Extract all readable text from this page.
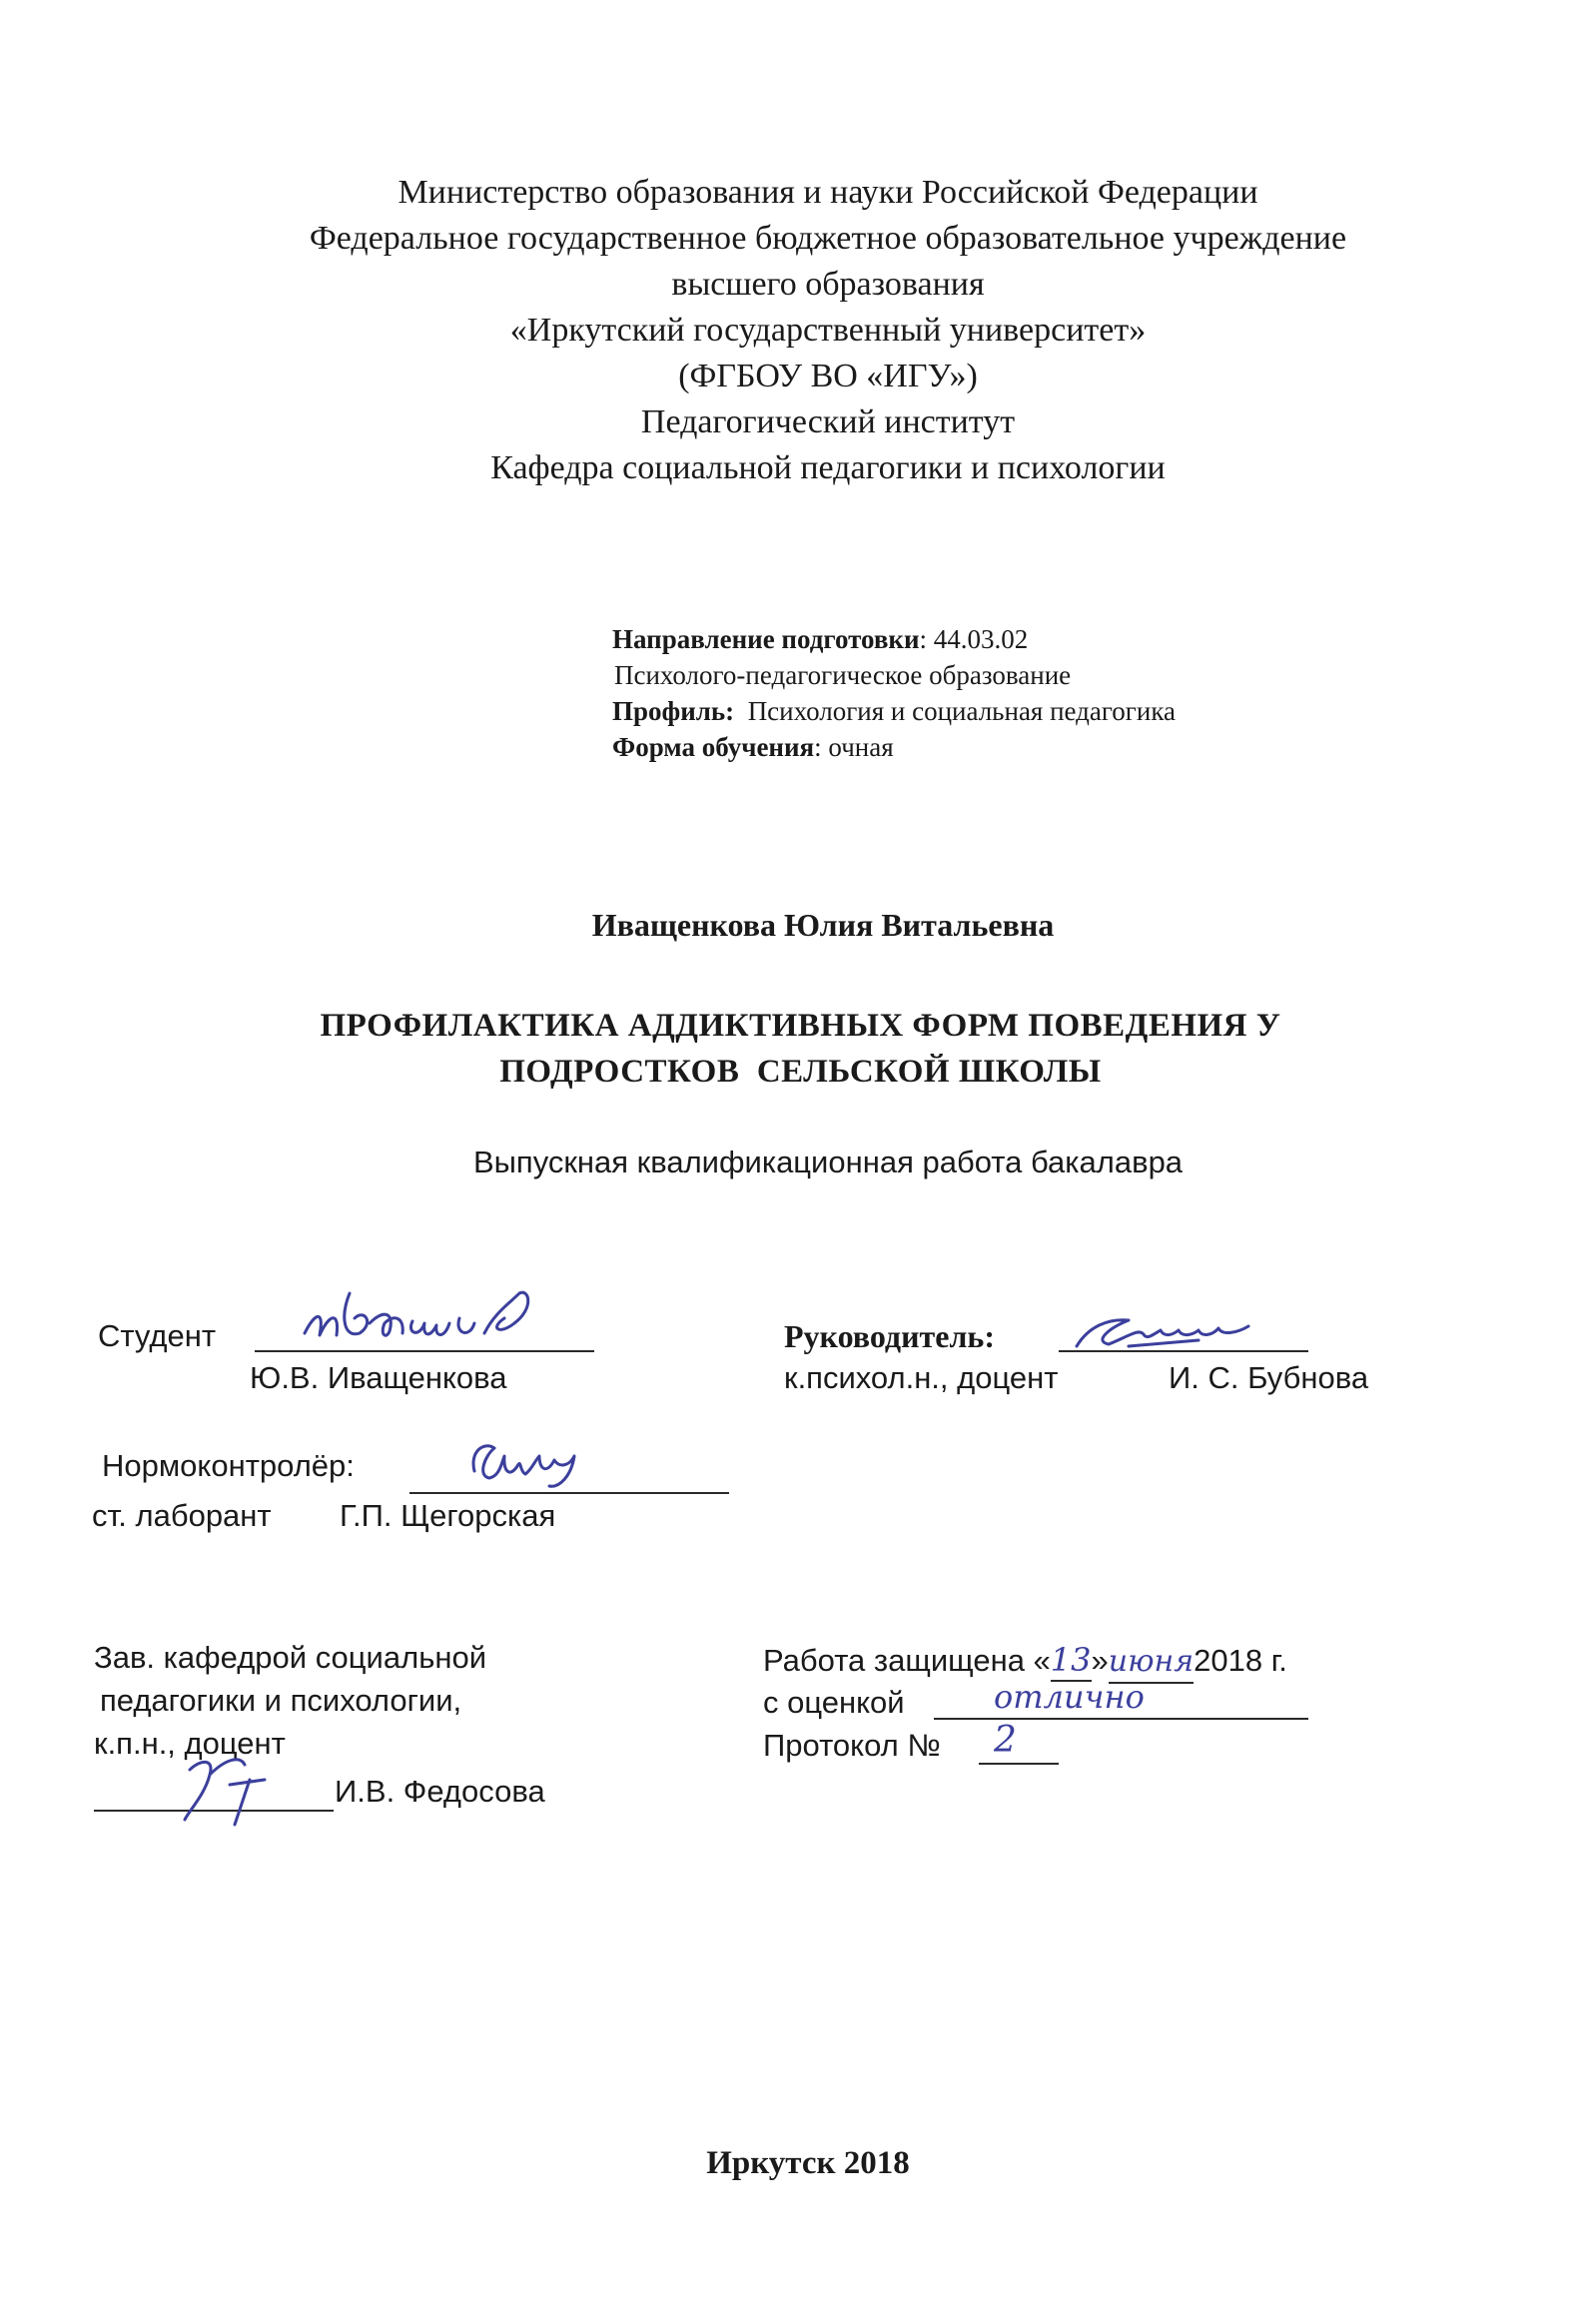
Министерство образования и науки Российской Федерации
Федеральное государственное бюджетное образовательное учреждение
высшего образования
«Иркутский государственный университет»
(ФГБОУ ВО «ИГУ»)
Педагогический институт
Кафедра социальной педагогики и психологии
Направление подготовки: 44.03.02
Психолого-педагогическое образование
Профиль: Психология и социальная педагогика
Форма обучения: очная
Иващенкова Юлия Витальевна
ПРОФИЛАКТИКА АДДИКТИВНЫХ ФОРМ ПОВЕДЕНИЯ У
ПОДРОСТКОВ  СЕЛЬСКОЙ ШКОЛЫ
Выпускная квалификационная работа бакалавра
Студент
Ю.В. Иващенкова
Руководитель:
к.психол.н., доцент	И. С. Бубнова
Нормоконтролёр:
ст. лаборант Г.П. Щегорская
Зав. кафедрой социальной
педагогики и психологии,
к.п.н., доцент
И.В. Федосова
Работа защищена «13»июня2018 г.
с оценкой	отлично
Протокол № 2
Иркутск 2018
